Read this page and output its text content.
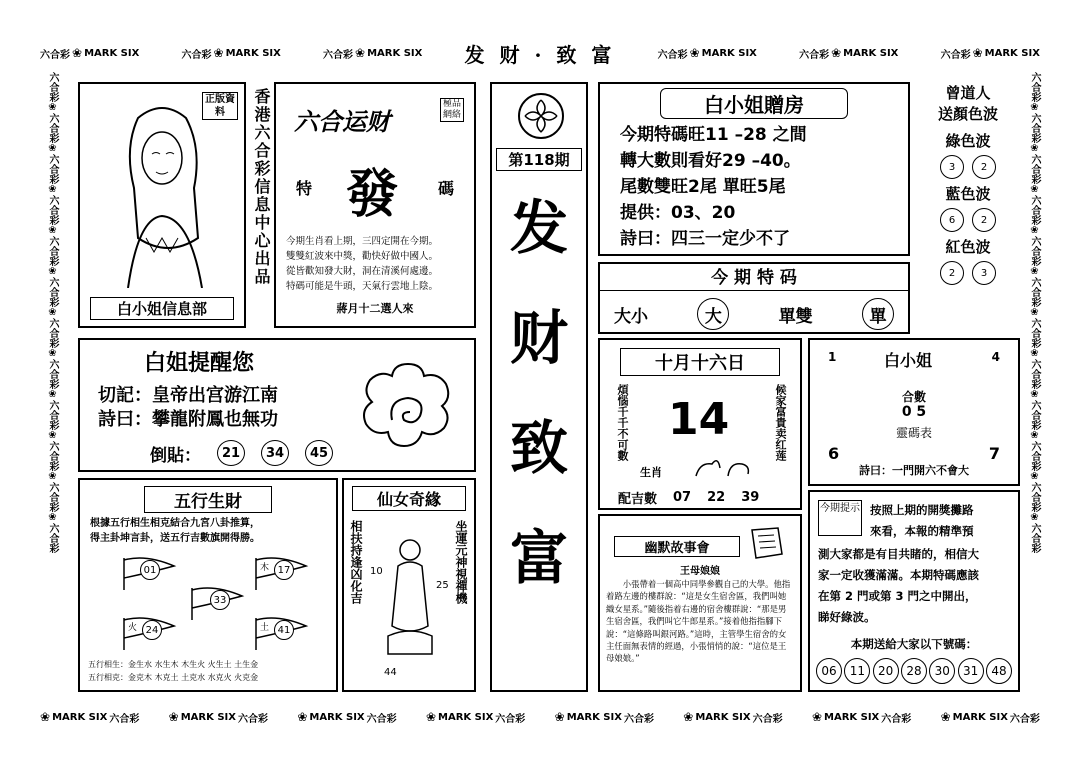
六合彩 ❀ MARK SIX	六合彩 ❀ MARK SIX	六合彩 ❀ MARK SIX 发 财 · 致 富	六合彩 ❀ MARK SIX	六合彩 ❀ MARK SIX	六合彩 ❀ MARK SIX
❀ MARK SIX 六合彩 ❀ MARK SIX 六合彩 ❀ MARK SIX 六合彩 ❀ MARK SIX 六合彩 ❀ MARK SIX 六合彩 ❀ MARK SIX 六合彩 ❀ MARK SIX 六合彩 ❀ MARK SIX 六合彩
六合彩❀六合彩❀六合彩❀六合彩❀六合彩❀六合彩❀六合彩❀六合彩❀六合彩❀六合彩❀六合彩❀六合彩
六合彩❀六合彩❀六合彩❀六合彩❀六合彩❀六合彩❀六合彩❀六合彩❀六合彩❀六合彩❀六合彩❀六合彩
正版資料
白小姐信息部
香港六合彩信息中心出品 六合运财
極品 網絡
特 發 碼
今期生肖看上期，三四定開在今期。
雙雙紅波來中獎，勸快好做中國人。
從皆歡知發大財，洞在清溪何處邊。
特碼可能是牛頭，天氣行雲地上陰。
蔣月十二選人來
第118期
发
财
致
富
白小姐贈房
今期特碼旺11 –28 之間
轉大數則看好29 –40。
尾數雙旺2尾 單旺5尾
提供：03、20
詩曰：四三一定少不了
曾道人
送顏色波
綠色波
3	2
藍色波
6	2
紅色波
2	3
今 期 特 码
大小	大	單雙	單
白姐提醒您
切記：皇帝出宫游江南
詩曰：攀龍附鳳也無功
倒貼：	21	34	45
十月十六日
煩惱千千不可數	候家富貴卖红莲
14
生肖
配吉數 07 22 39
1	白小姐	4
合數
0 5
靈碼表
6	7
詩曰：一門開六不會大
五行生財
根據五行相生相克結合九宮八卦推算，
得主卦坤言卦，送五行吉數旗開得勝。
01	木 17
33
火 24	土 41
五行相生：金生水 水生木 木生火 火生土 土生金
五行相克：金克木 木克土 土克水 水克火 火克金
仙女奇緣
相扶持逢凶化吉	坐運元神視禪機
10
25
44
幽默故事會
王母娘娘
小張帶着一個高中同學參觀自己的大學。他指着路左邊的樓群說：“這是女生宿舍區，我們叫她織女星系。”隨後指着右邊的宿舍樓群說：“那是男生宿舍區，我們叫它牛郎星系。”接着他指指腳下說：“這條路叫銀河路。”這時，主管學生宿舍的女主任面無表情的經過，小張悄悄的說：“這位是王母娘娘。”
今期提示 按照上期的開獎攤路
來看，本報的精準預
測大家都是有目共睹的，相信大
家一定收獲滿滿。本期特碼應該
在第 2 門或第 3 門之中開出，
睇好綠波。
本期送給大家以下號碼：
06	11	20	28	30	31	48
